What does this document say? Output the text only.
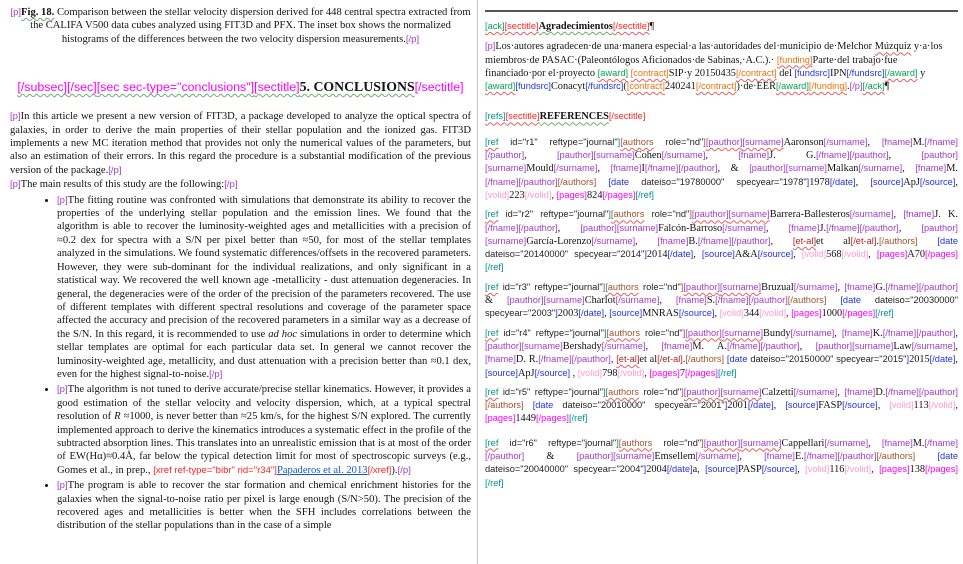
[p]Fig. 18. Comparison between the stellar velocity dispersion derived for 448 central spectra extracted from the CALIFA V500 data cubes analyzed using FIT3D and PFX. The inset box shows the normalized histograms of the differences between the two velocity dispersion measurements.[/p]
[/subsec][/sec][sec sec-type="conclusions"][sectitle]5. CONCLUSIONS[/sectitle]
[p]In this article we present a new version of FIT3D, a package developed to analyze the optical spectra of galaxies, in order to derive the main properties of their stellar population and the ionized gas. FIT3D implements a new MC iteration method that provides not only the numerical values of the parameters, but also an estimation of their errors. In this regard the procedure is a substantial modification of the previous version of the package.[/p]
[p]The main results of this study are the following:[/p]
• [p]The fitting routine was confronted with simulations that demonstrate its ability to recover the properties of the underlying stellar population and the emission lines. We found that the algorithm is able to recover the luminosity-weighted ages and metallicities with a precision of ≈0.2 dex for spectra with a S/N per pixel better than ≈50, for most of the stellar templates analyzed in the simulations. We found systematic differences/offsets in the recovered parameters. However, they were sub-dominant for the individual realizations, and only significant in a statistical way. We recovered the well known age -metallicity - dust attenuation degeneracies. In general, the degeneracies were of the order of the precision of the parameters recovered. The use of different templates with different spectral resolutions and coverage of the parameter space affected the accuracy and precision of the recovered parameters in a similar way as a decrease of the S/N. In this regard, it is recommended to use ad hoc simulations in order to determine which stellar templates are optimal for each particular data set. In general we cannot recover the luminosity-weighted age, metallicity, and dust attenuation with a precision better than ≈0.1 dex, even for the highest signal-to-noise.[/p]
• [p]The algorithm is not tuned to derive accurate/precise stellar kinematics. However, it provides a good estimation of the stellar velocity and velocity dispersion, which, at a typical spectral resolution of R ≈1000, is never better than ≈25 km/s, for the highest S/N explored. The currently implemented approach to derive the kinematics introduces a systematic effect in the profile of the subtracted absorption lines. This translates into an unrealistic emission that is at most of the order of EW(Hα)≈0.4Å, far below the typical detection limit for most of spectroscopic surveys (e.g., Gomes et al., in prep., [xref ref-type="bibr" rid="r34"]Papaderos et al. 2013[/xref]).[/p]
• [p]The program is able to recover the star formation and chemical enrichment histories for the galaxies when the signal-to-noise ratio per pixel is large enough (S/N>50). The precision of the recovered ages and metallicities is better when the SFH includes correlations between the distribution of the stellar populations than in the case of a simple
[ack][sectitle]Agradecimientos[/sectitle]¶
[p]Los·autores agradecen·de una·manera especial·a las·autoridades del·municipio de·Melchor Múzquiz y·a·los miembros·de PASAC·(Paleontólogos Aficionados·de Sabinas,·A.C.).· [funding]Parte·del trabajo·fue financiado·por el·proyecto [award] [contract]SIP·y 20150435[/contract] del [fundsrc]IPN[/fundsrc][/award] y [award][fundsrc]Conacyt[/fundsrc]([contract]240241[/contract])·de·EER[/award][/funding].[/p][/ack]¶
[refs][sectitle]REFERENCES[/sectitle]
[ref id="r1" reftype="journal"][authors role="nd"][pauthor][surname]Aaronson[/surname], [fname]M.[/fname][/pauthor], [pauthor][surname]Cohen[/surname], [fname]J. G.[/fname][/pauthor], [pauthor][surname]Mould[/surname], [fname]I[/fname][/pauthor], & [pauthor][surname]Malkan[/surname], [fname]M.[/fname][/pauthor][/authors] [date dateiso="19780000" specyear="1978"]1978[/date], [source]ApJ[/source], [volid]223[/volid], [pages]824[/pages][/ref]
[ref id="r2" reftype="journal"][authors role="nd"][pauthor][surname]Barrera-Ballesteros[/surname], [fname]J. K.[/fname][/pauthor], [pauthor][surname]Falcón-Barroso[/surname], [fname]J.[/fname][/pauthor], [pauthor][surname]García-Lorenzo[/surname], [fname]B.[/fname][/pauthor], [et-al]et al[/et-al].[/authors] [date dateiso="20140000" specyear="2014"]2014[/date], [source]A&A[/source], [volid]568[/volid], [pages]A70[/pages][/ref]
[ref id="r3" reftype="journal"][authors role="nd"][pauthor][surname]Bruzual[/surname], [fname]G.[/fname][/pauthor] & [pauthor][surname]Charlot[/surname], [fname]S.[/fname][/pauthor][/authors] [date dateiso="20030000" specyear="2003"]2003[/date], [source]MNRAS[/source], [volid]344[/volid], [pages]1000[/pages][/ref]
[ref id="r4" reftype="journal"][authors role="nd"][pauthor][surname]Bundy[/surname], [fname]K.[/fname][/pauthor], [pauthor][surname]Bershady[/surname], [fname]M. A.[/fname][/pauthor], [pauthor][surname]Law[/surname], [fname]D. R.[/fname][/pauthor], [et-al]et al[/et-al].[/authors] [date dateiso="20150000" specyear="2015"]2015[/date], [source]ApJ[/source] , [volid]798[/volid], [pages]7[/pages][/ref]
[ref id="r5" reftype="journal"][authors role="nd"][pauthor][surname]Calzetti[/surname], [fname]D.[/fname][/pauthor][/authors] [date dateiso="20010000" specyear="2001"]2001[/date], [source]FASP[/source], [volid]113[/volid], [pages]1449[/pages][/ref]
[ref id="r6" reftype="journal"][authors role="nd"][pauthor][surname]Cappellari[/surname], [fname]M.[/fname][/pauthor] & [pauthor][surname]Emsellem[/surname], [fname]E.[/fname][/pauthor][/authors] [date dateiso="20040000" specyear="2004"]2004[/date]a, [source]PASP[/source], [volid]116[/volid], [pages]138[/pages][/ref]
